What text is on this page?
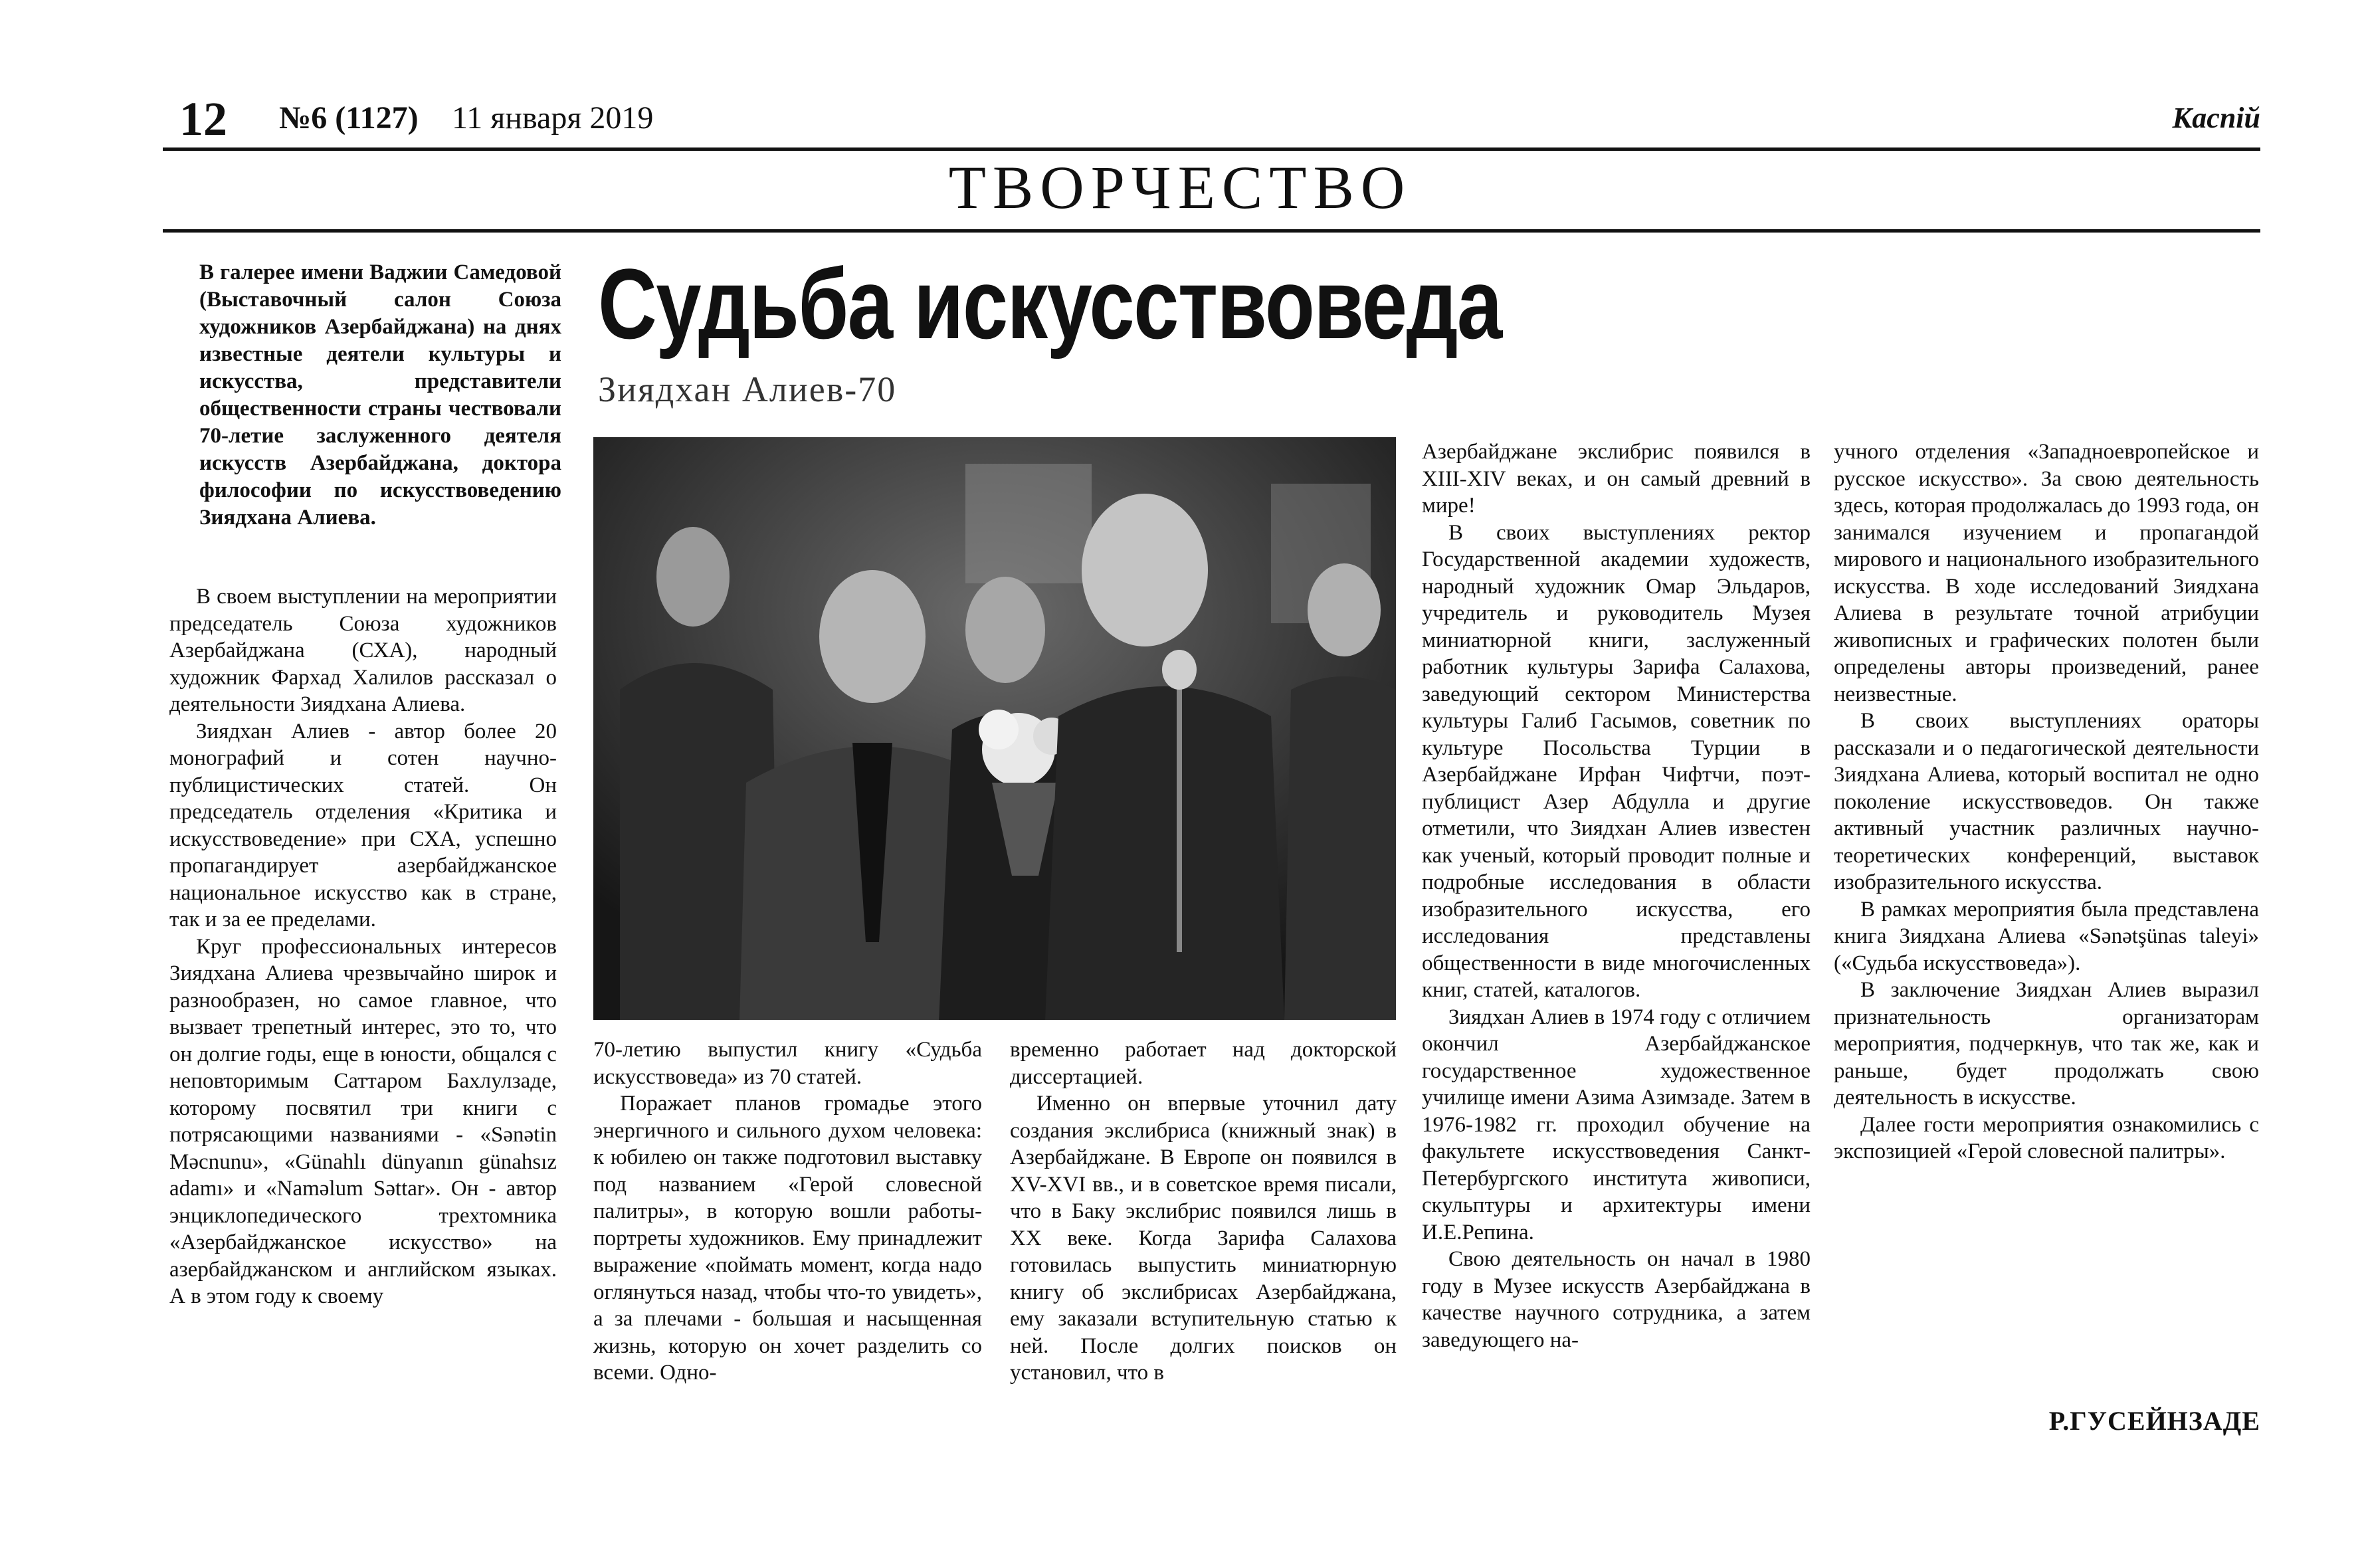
12 №6 (1127) 11 января 2019	Каспiй
ТВОРЧЕСТВО
Судьба искусствоведа
Зиядхан Алиев-70
В галерее имени Ваджии Самедовой (Выставочный салон Союза художников Азербайджана) на днях известные деятели культуры и искусства, представители общественности страны чествовали 70-летие заслуженного деятеля искусств Азербайджана, доктора философии по искусствоведению Зиядхана Алиева.

В своем выступлении на мероприятии председатель Союза художников Азербайджана (СХА), народный художник Фархад Халилов рассказал о деятельности Зиядхана Алиева.

Зиядхан Алиев - автор более 20 монографий и сотен научно-публицистических статей. Он председатель отделения «Критика и искусствоведение» при СХА, успешно пропагандирует азербайджанское национальное искусство как в стране, так и за ее пределами.

Круг профессиональных интересов Зиядхана Алиева чрезвычайно широк и разнообразен, но самое главное, что вызвает трепетный интерес, это то, что он долгие годы, еще в юности, общался с неповторимым Саттаром Бахлулзаде, которому посвятил три книги с потрясающими названиями - «Sənətin Məcnunu», «Günahlı dünyanın günahsız adamı» и «Naməlum Səttar». Он - автор энциклопедического трехтомника «Азербайджанское искусство» на азербайджанском и английском языках. А в этом году к своему

70-летию выпустил книгу «Судьба искусствоведа» из 70 статей.

Поражает планов громадье этого энергичного и сильного духом человека: к юбилею он также подготовил выставку под названием «Герой словесной палитры», в которую вошли работы-портреты художников. Ему принадлежит выражение «поймать момент, когда надо оглянуться назад, чтобы что-то увидеть», а за плечами - большая и насыщенная жизнь, которую он хочет разделить со всеми. Одно-

временно работает над докторской диссертацией.

Именно он впервые уточнил дату создания экслибриса (книжный знак) в Азербайджане. В Европе он появился в XV-XVI вв., и в советское время писали, что в Баку экслибрис появился лишь в XX веке. Когда Зарифа Салахова готовилась выпустить миниатюрную книгу об экслибрисах Азербайджана, ему заказали вступительную статью к ней. После долгих поисков он установил, что в

Азербайджане экслибрис появился в XIII-XIV веках, и он самый древний в мире!

В своих выступлениях ректор Государственной академии художеств, народный художник Омар Эльдаров, учредитель и руководитель Музея миниатюрной книги, заслуженный работник культуры Зарифа Салахова, заведующий сектором Министерства культуры Галиб Гасымов, советник по культуре Посольства Турции в Азербайджане Ирфан Чифтчи, поэт-публицист Азер Абдулла и другие отметили, что Зиядхан Алиев известен как ученый, который проводит полные и подробные исследования в области изобразительного искусства, его исследования представлены общественности в виде многочисленных книг, статей, каталогов.

Зиядхан Алиев в 1974 году с отличием окончил Азербайджанское государственное художественное училище имени Азима Азимзаде. Затем в 1976-1982 гг. проходил обучение на факультете искусствоведения Санкт-Петербургского института живописи, скульптуры и архитектуры имени И.Е.Репина.

Свою деятельность он начал в 1980 году в Музее искусств Азербайджана в качестве научного сотрудника, а затем заведующего на-

учного отделения «Западноевропейское и русское искусство». За свою деятельность здесь, которая продолжалась до 1993 года, он занимался изучением и пропагандой мирового и национального изобразительного искусства. В ходе исследований Зиядхана Алиева в результате точной атрибуции живописных и графических полотен были определены авторы произведений, ранее неизвестные.

В своих выступлениях ораторы рассказали и о педагогической деятельности Зиядхана Алиева, который воспитал не одно поколение искусствоведов. Он также активный участник различных научно-теоретических конференций, выставок изобразительного искусства.

В рамках мероприятия была представлена книга Зиядхана Алиева «Sənətşünas taleyi» («Судьба искусствоведа»).

В заключение Зиядхан Алиев выразил признательность организаторам мероприятия, подчеркнув, что так же, как и раньше, будет продолжать свою деятельность в искусстве.

Далее гости мероприятия ознакомились с экспозицией «Герой словесной палитры».

Р.ГУСЕЙНЗАДЕ
